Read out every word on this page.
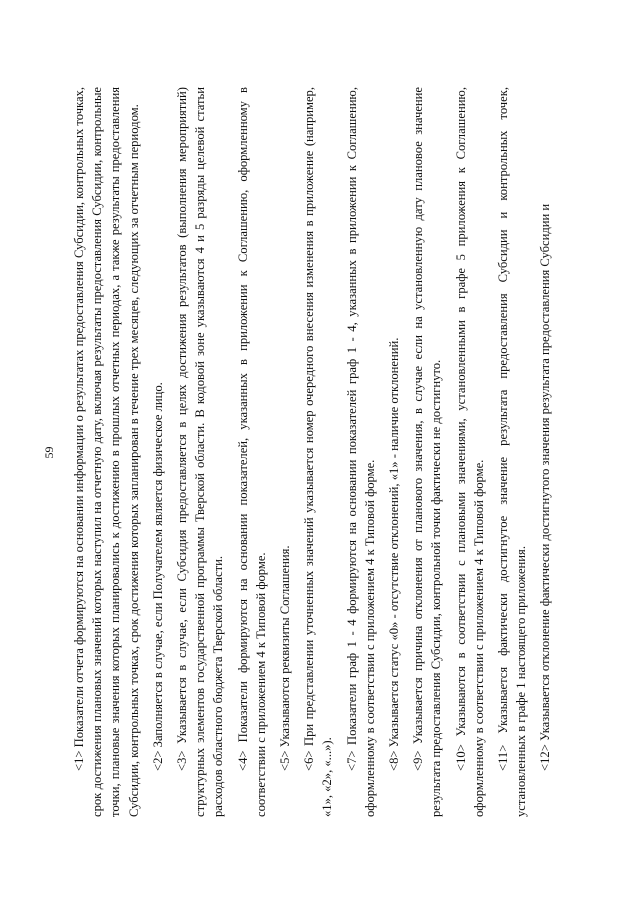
59 <1> Показатели отчета формируются на основании информации о результатах предоставления Субсидии, контрольных точках, срок достижения плановых значений которых наступил на отчетную дату, включая результаты предоставления Субсидии, контрольные точки, плановые значения которых планировались к достижению в прошлых отчетных периодах, а также результаты предоставления Субсидии, контрольных точках, срок достижения которых запланирован в течение трех месяцев, следующих за отчетным периодом. <2> Заполняется в случае, если Получателем является физическое лицо. <3> Указывается в случае, если Субсидия предоставляется в целях достижения результатов (выполнения мероприятий) структурных элементов государственной программы Тверской области. В кодовой зоне указываются 4 и 5 разряды целевой статьи расходов областного бюджета Тверской области. <4> Показатели формируются на основании показателей, указанных в приложении к Соглашению, оформленному в соответствии с приложением 4 к Типовой форме. <5> Указываются реквизиты Соглашения. <6> При представлении уточненных значений указывается номер очередного внесения изменения в приложение (например, «1», «2», «...»).

<7> Показатели граф 1 - 4 формируются на основании показателей граф 1 - 4, указанных в приложении к Соглашению, оформленному в соответствии с приложением 4 к Типовой форме. <8> Указывается статус «0» - отсутствие отклонений, «1» - наличие отклонений. <9> Указывается причина отклонения от планового значения, в случае если на установленную дату плановое значение результата предоставления Субсидии, контрольной точки фактически не достигнуто. <10> Указываются в соответствии с плановыми значениями, установленными в графе 5 приложения к Соглашению, оформленному в соответствии с приложением 4 к Типовой форме. <11> Указывается фактически достигнутое значение результата предоставления Субсидии и контрольных точек, установленных в графе 1 настоящего приложения. <12> Указывается отклонение фактически достигнутого значения результата предоставления Субсидии и
